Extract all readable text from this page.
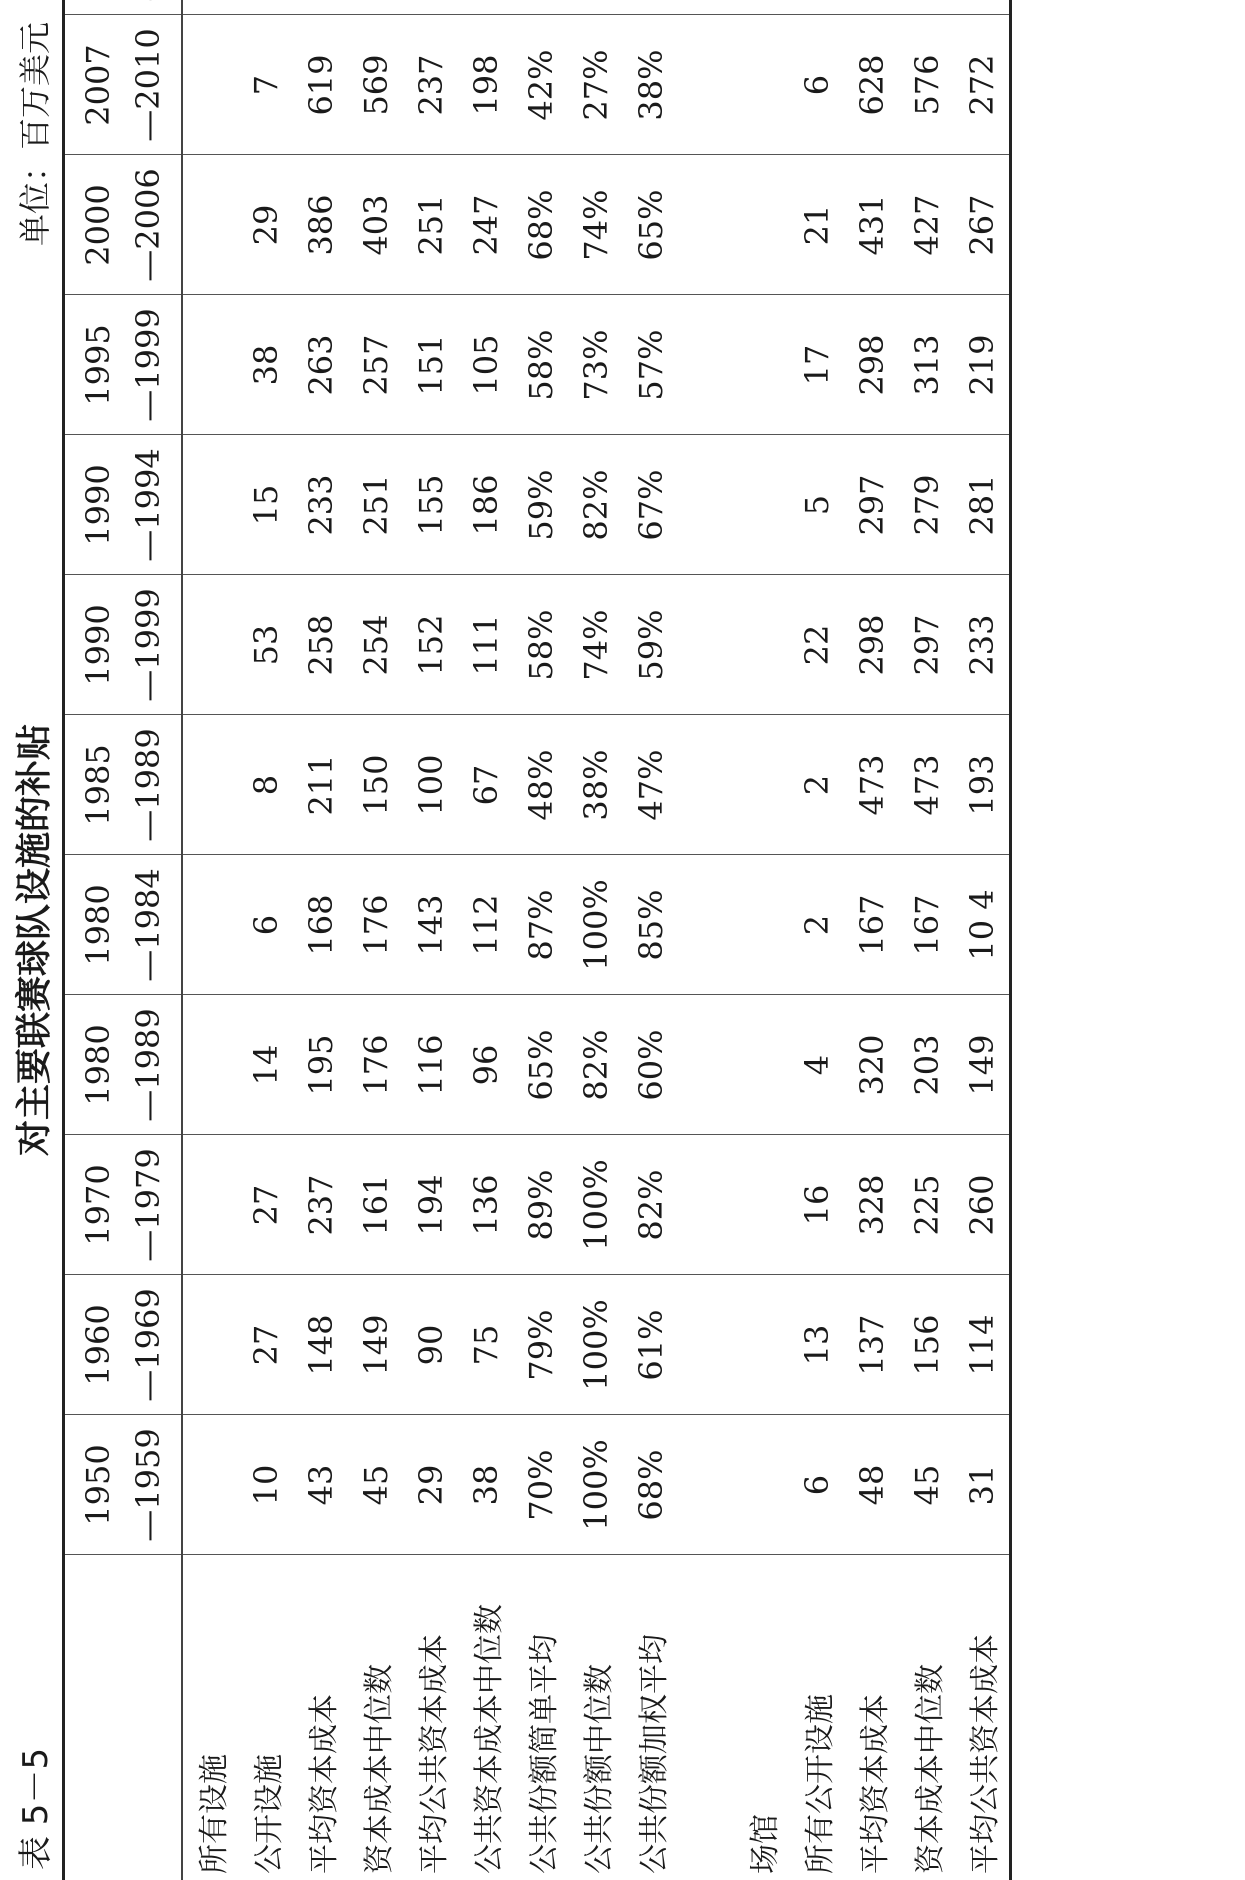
表 5－5
对主要联赛球队设施的补贴
单位：百万美元

	1950 —1959	1960 —1969	1970 —1979	1980 —1989	1980 —1984	1985 —1989	1990 —1999	1990 —1994	1995 —1999	2000 —2006	2007 —2010

所有设施												
公开设施	10	27	27	14	6	8	53	15	38	29	7	
平均资本成本	43	148	237	195	168	211	258	233	263	386	619	
资本成本中位数	45	149	161	176	176	150	254	251	257	403	569	
平均公共资本成本	29	90	194	116	143	100	152	155	151	251	237	
公共资本成本中位数	38	75	136	96	112	67	111	186	105	247	198	
公共份额简单平均	70%	79%	89%	65%	87%	48%	58%	59%	58%	68%	42%	
公共份额中位数	100%	100%	100%	82%	100%	38%	74%	82%	73%	74%	27%	
公共份额加权平均	68%	61%	82%	60%	85%	47%	59%	67%	57%	65%	38%	

场馆												
所有公开设施	6	13	16	4	2	2	22	5	17	21	6	
平均资本成本	48	137	328	320	167	473	298	297	298	431	628	
资本成本中位数	45	156	225	203	167	473	297	279	313	427	576	
平均公共资本成本	31	114	260	149	10 4	193	233	281	219	267	272	
